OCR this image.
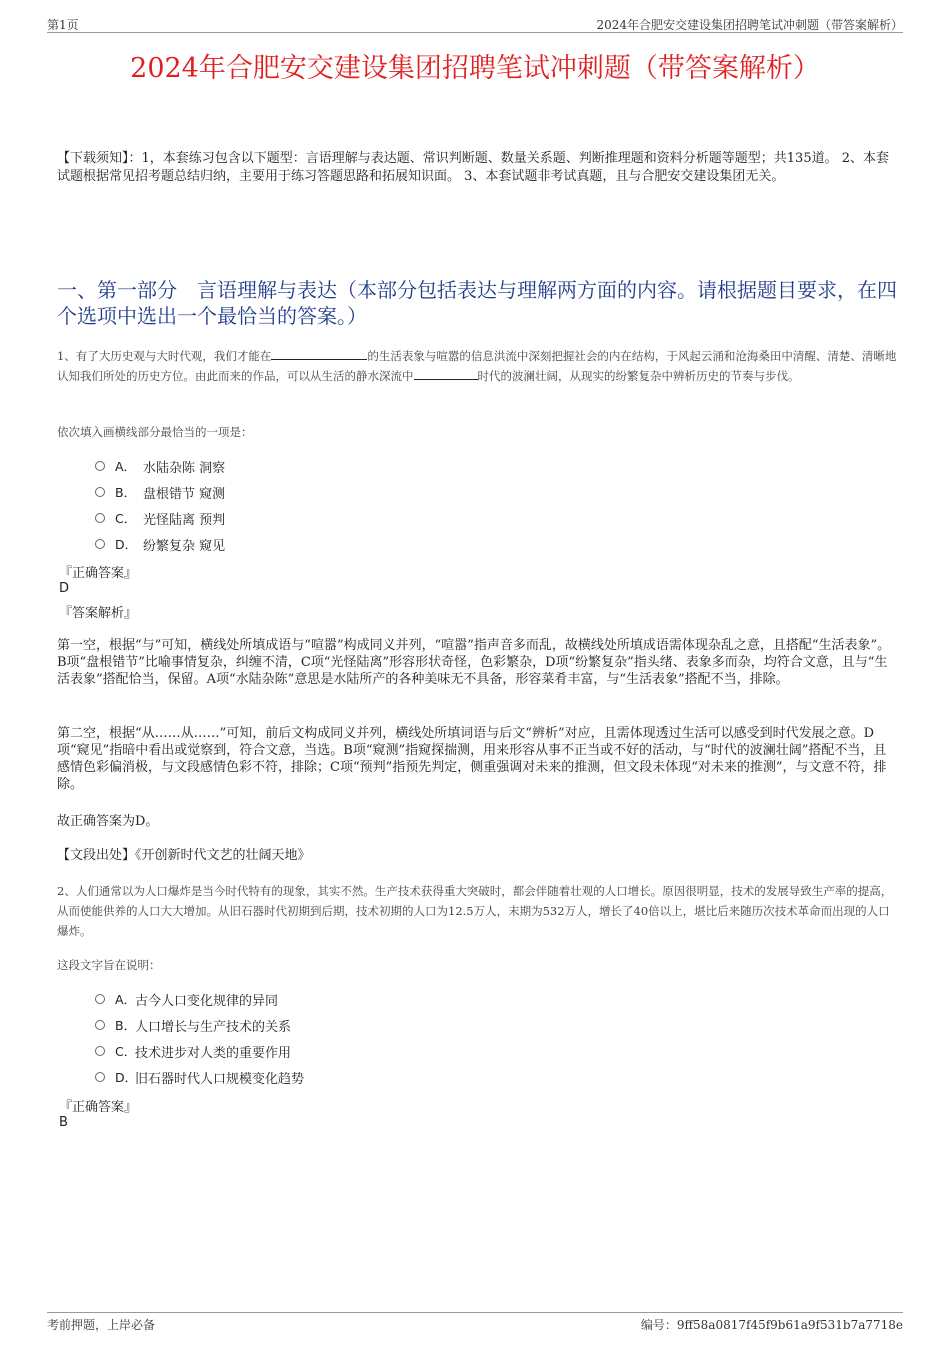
第1页	2024年合肥安交建设集团招聘笔试冲刺题（带答案解析）
2024年合肥安交建设集团招聘笔试冲刺题（带答案解析）
【下载须知】：1，本套练习包含以下题型：言语理解与表达题、常识判断题、数量关系题、判断推理题和资料分析题等题型；共135道。 2、本套试题根据常见招考题总结归纳，主要用于练习答题思路和拓展知识面。 3、本套试题非考试真题，且与合肥安交建设集团无关。
一、第一部分　言语理解与表达（本部分包括表达与理解两方面的内容。请根据题目要求，在四个选项中选出一个最恰当的答案。）
1、有了大历史观与大时代观，我们才能在	的生活表象与喧嚣的信息洪流中深刻把握社会的内在结构，于风起云涌和沧海桑田中清醒、清楚、清晰地认知我们所处的历史方位。由此而来的作品，可以从生活的静水深流中	时代的波澜壮阔，从现实的纷繁复杂中辨析历史的节奏与步伐。
依次填入画横线部分最恰当的一项是：
A． 水陆杂陈 洞察
B． 盘根错节 窥测
C． 光怪陆离 预判
D． 纷繁复杂 窥见
『正确答案』
D
『答案解析』
第一空，根据“与”可知，横线处所填成语与“喧嚣”构成同义并列，“喧嚣”指声音多而乱，故横线处所填成语需体现杂乱之意，且搭配“生活表象”。B项“盘根错节”比喻事情复杂，纠缠不清，C项“光怪陆离”形容形状奇怪，色彩繁杂，D项“纷繁复杂”指头绪、表象多而杂，均符合文意，且与“生活表象”搭配恰当，保留。A项“水陆杂陈”意思是水陆所产的各种美味无不具备，形容菜肴丰富，与“生活表象”搭配不当，排除。
第二空，根据“从……从……”可知，前后文构成同义并列，横线处所填词语与后文“辨析”对应，且需体现透过生活可以感受到时代发展之意。D项“窥见”指暗中看出或觉察到，符合文意，当选。B项“窥测”指窥探揣测，用来形容从事不正当或不好的活动，与“时代的波澜壮阔”搭配不当，且感情色彩偏消极，与文段感情色彩不符，排除；C项“预判”指预先判定，侧重强调对未来的推测，但文段未体现“对未来的推测”，与文意不符，排除。
故正确答案为D。
【文段出处】《开创新时代文艺的壮阔天地》
2、人们通常以为人口爆炸是当今时代特有的现象，其实不然。生产技术获得重大突破时，都会伴随着壮观的人口增长。原因很明显，技术的发展导致生产率的提高，从而使能供养的人口大大增加。从旧石器时代初期到后期，技术初期的人口为12.5万人，末期为532万人，增长了40倍以上，堪比后来随历次技术革命而出现的人口爆炸。
这段文字旨在说明：
A．
古今人口变化规律的异同
B．
人口增长与生产技术的关系
C．
技术进步对人类的重要作用
D．
旧石器时代人口规模变化趋势
『正确答案』
B
考前押题，上岸必备	编号：9ff58a0817f45f9b61a9f531b7a7718e
